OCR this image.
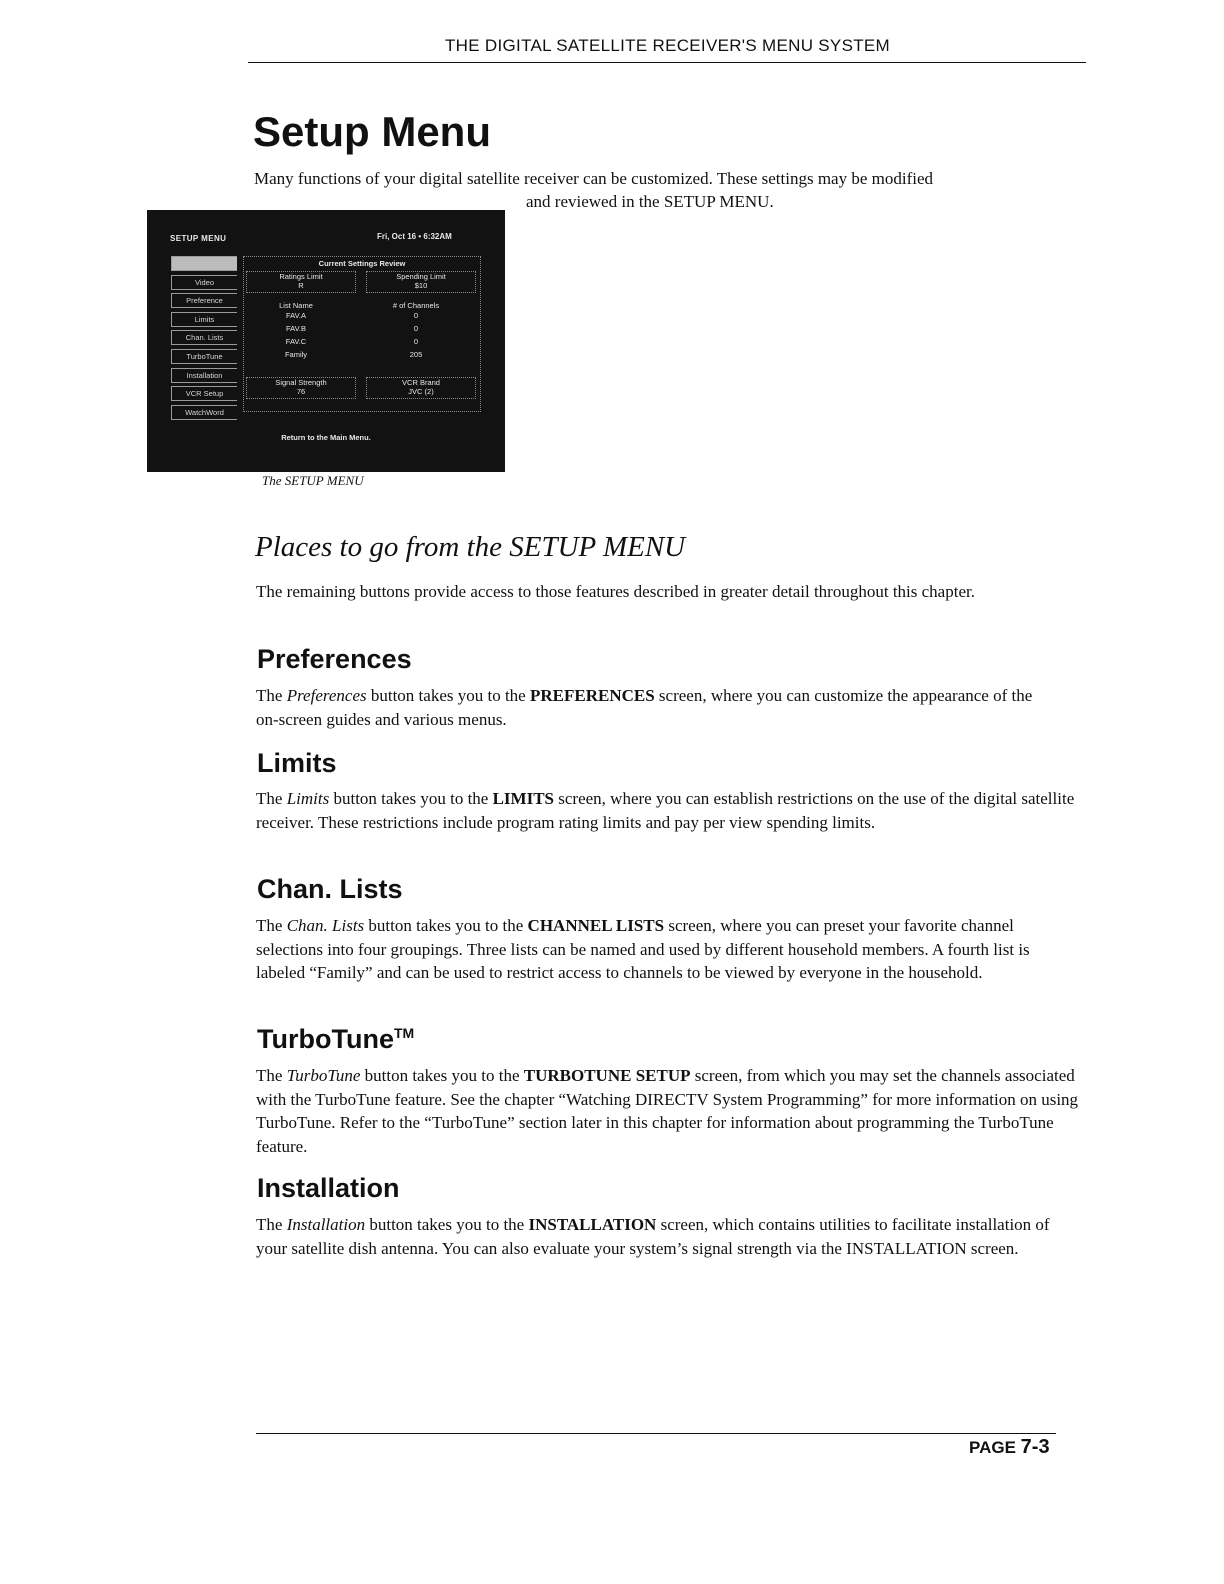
THE DIGITAL SATELLITE RECEIVER'S MENU SYSTEM
Setup Menu
Many functions of your digital satellite receiver can be customized. These settings may be modified
and reviewed in the SETUP MENU.
SETUP MENU	Fri, Oct 16 • 6:32AM
Video
Preference
Limits
Chan. Lists
TurboTune
Installation
VCR Setup
WatchWord
Current Settings Review
Ratings Limit
R
Spending Limit
$10
List Name	# of Channels
FAV.A	0
FAV.B	0
FAV.C	0
Family	205
Signal Strength
76
VCR Brand
JVC (2)
Return to the Main Menu.
The SETUP MENU
Places to go from the SETUP MENU

The remaining buttons provide access to those features described in greater detail throughout this chapter.

Preferences

The Preferences button takes you to the PREFERENCES screen, where you can customize the appearance of the on-screen guides and various menus.

Limits

The Limits button takes you to the LIMITS screen, where you can establish restrictions on the use of the digital satellite receiver. These restrictions include program rating limits and pay per view spending limits.

Chan. Lists

The Chan. Lists button takes you to the CHANNEL LISTS screen, where you can preset your favorite channel selections into four groupings. Three lists can be named and used by different household members. A fourth list is labeled “Family” and can be used to restrict access to channels to be viewed by everyone in the household.

TurboTune™

The TurboTune button takes you to the TURBOTUNE SETUP screen, from which you may set the channels associated with the TurboTune feature. See the chapter “Watching DIRECTV System Programming” for more information on using TurboTune. Refer to the “TurboTune” section later in this chapter for information about programming the TurboTune feature.

Installation

The Installation button takes you to the INSTALLATION screen, which contains utilities to facilitate installation of your satellite dish antenna. You can also evaluate your system’s signal strength via the INSTALLATION screen.

PAGE 7-3
